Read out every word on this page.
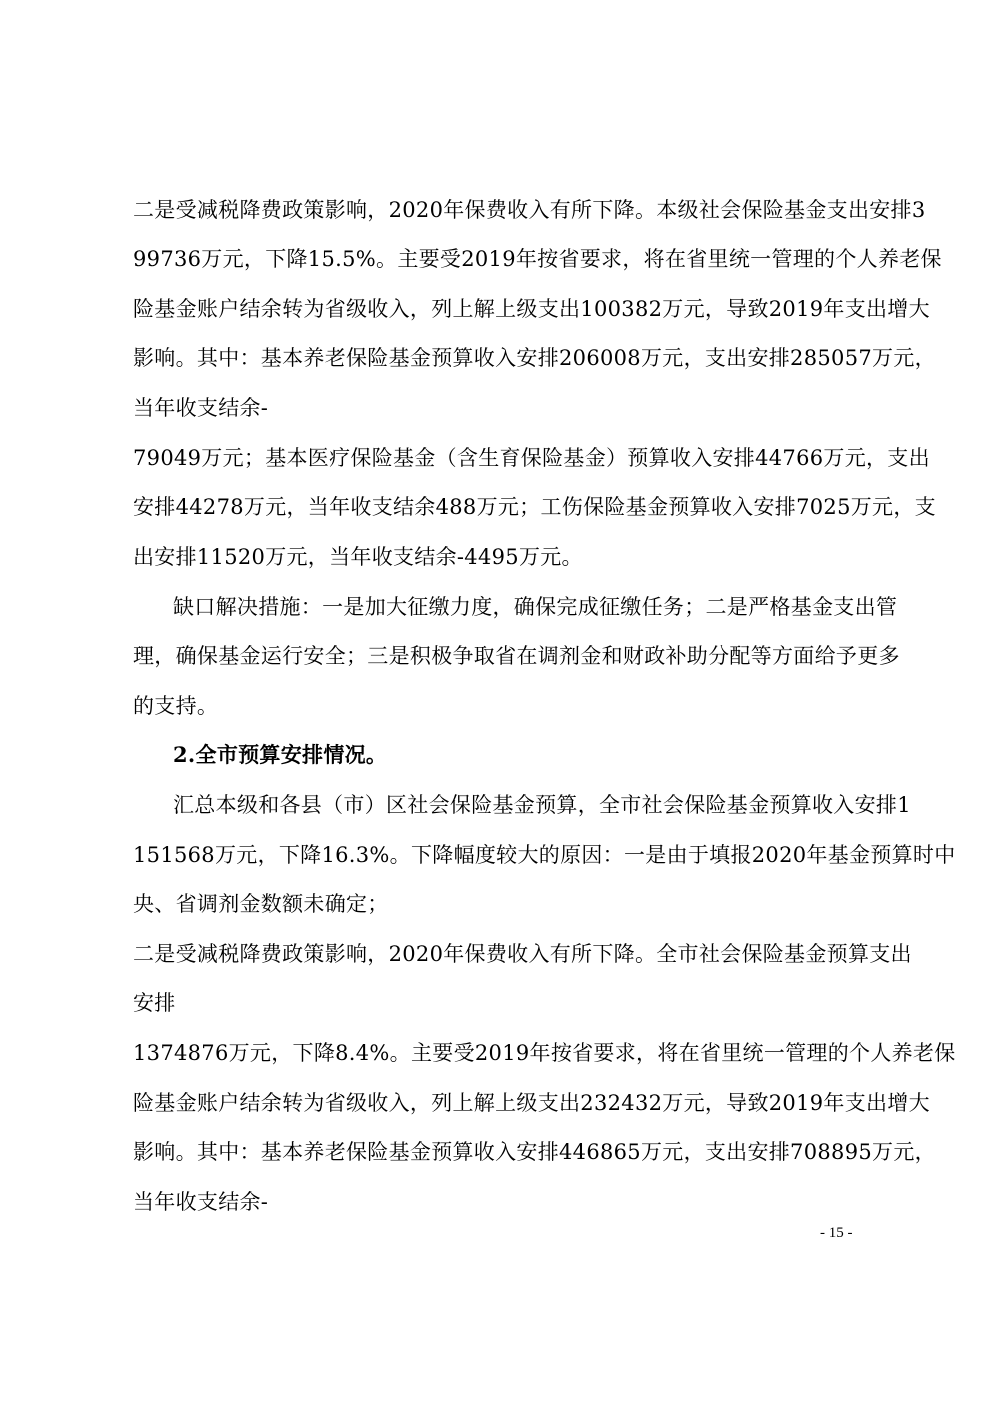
二是受减税降费政策影响，2020年保费收入有所下降。本级社会保险基金支出安排3
99736万元，下降15.5%。主要受2019年按省要求，将在省里统一管理的个人养老保
险基金账户结余转为省级收入，列上解上级支出100382万元，导致2019年支出增大
影响。其中：基本养老保险基金预算收入安排206008万元，支出安排285057万元，
当年收支结余-
79049万元；基本医疗保险基金（含生育保险基金）预算收入安排44766万元，支出
安排44278万元，当年收支结余488万元；工伤保险基金预算收入安排7025万元，支
出安排11520万元，当年收支结余-4495万元。
缺口解决措施：一是加大征缴力度，确保完成征缴任务；二是严格基金支出管
理，确保基金运行安全；三是积极争取省在调剂金和财政补助分配等方面给予更多
的支持。
2.全市预算安排情况。
汇总本级和各县（市）区社会保险基金预算，全市社会保险基金预算收入安排1
151568万元，下降16.3%。下降幅度较大的原因：一是由于填报2020年基金预算时中
央、省调剂金数额未确定；
二是受减税降费政策影响，2020年保费收入有所下降。全市社会保险基金预算支出
安排
1374876万元，下降8.4%。主要受2019年按省要求，将在省里统一管理的个人养老保
险基金账户结余转为省级收入，列上解上级支出232432万元，导致2019年支出增大
影响。其中：基本养老保险基金预算收入安排446865万元，支出安排708895万元，
当年收支结余-
- 15 -
